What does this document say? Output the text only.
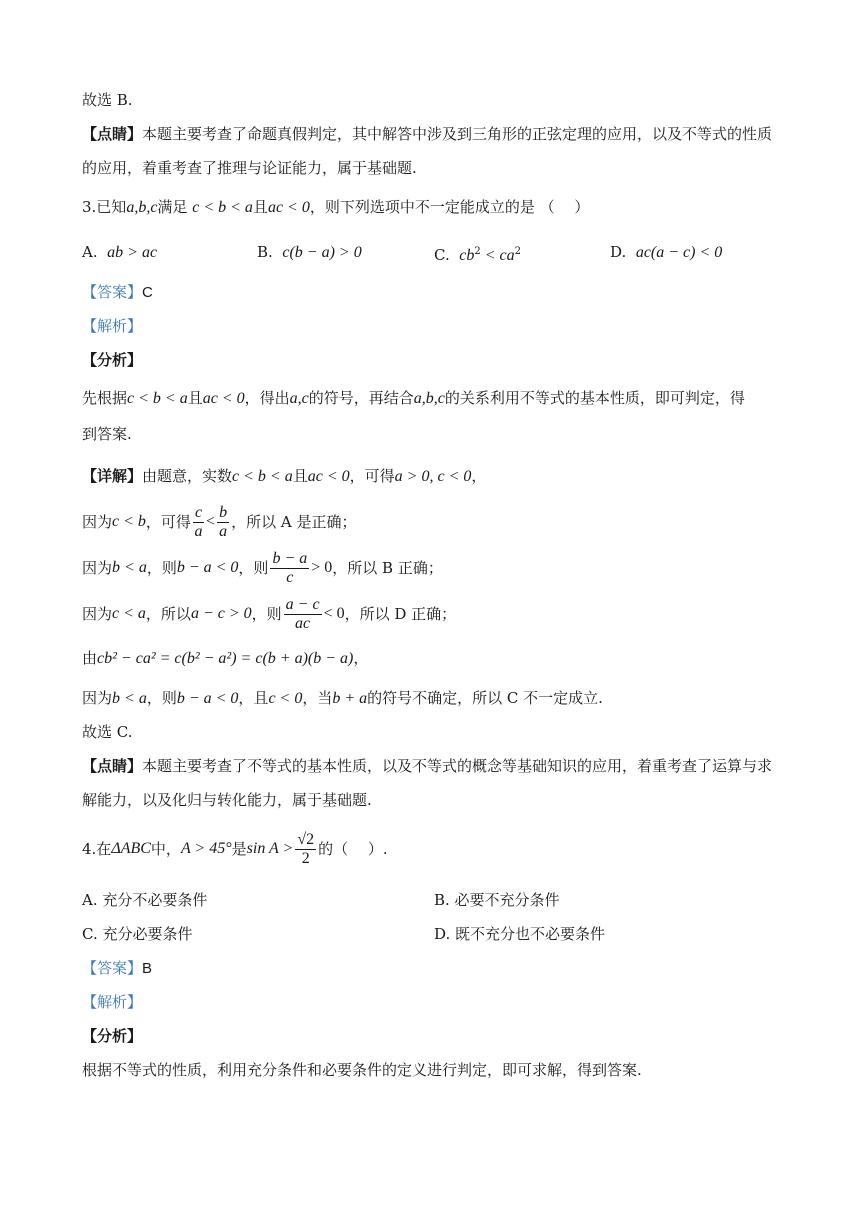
故选 B.
【点睛】本题主要考查了命题真假判定，其中解答中涉及到三角形的正弦定理的应用，以及不等式的性质
的应用，着重考查了推理与论证能力，属于基础题.
3.已知a,b,c满足 c < b < a且ac < 0，则下列选项中不一定能成立的是 （　 ）
A. ab > ac	B. c(b − a) > 0	C. $cb^2 < ca^2$	D. ac(a − c) < 0
【答案】C
【解析】
【分析】
先根据c < b < a且ac < 0，得出a,c的符号，再结合a,b,c的关系利用不等式的基本性质，即可判定，得
到答案.
【详解】由题意，实数c < b < a且ac < 0，可得a > 0, c < 0，
因为 c < b ，可得 $\frac{c}{a} < \frac{b}{a}$ ，所以 A 是正确；
因为 b < a ，则 b − a < 0 ，则 $\frac{b - a}{c} > 0$ ，所以 B 正确；
因为 c < a ，所以 a − c > 0 ，则 $\frac{a - c}{ac} < 0$ ，所以 D 正确；
由cb² − ca² = c(b² − a²) = c(b + a)(b − a)，
因为b < a，则b − a < 0，且c < 0，当b + a的符号不确定，所以 C 不一定成立.
故选 C.
【点睛】本题主要考查了不等式的基本性质，以及不等式的概念等基础知识的应用，着重考查了运算与求
解能力，以及化归与转化能力，属于基础题.
4.在 ΔABC 中， A > 45° 是 $\sin A > \frac{√2}{2}$ 的（　 ）.
A. 充分不必要条件	B. 必要不充分条件
C. 充分必要条件	D. 既不充分也不必要条件
【答案】B
【解析】
【分析】
根据不等式的性质，利用充分条件和必要条件的定义进行判定，即可求解，得到答案.
